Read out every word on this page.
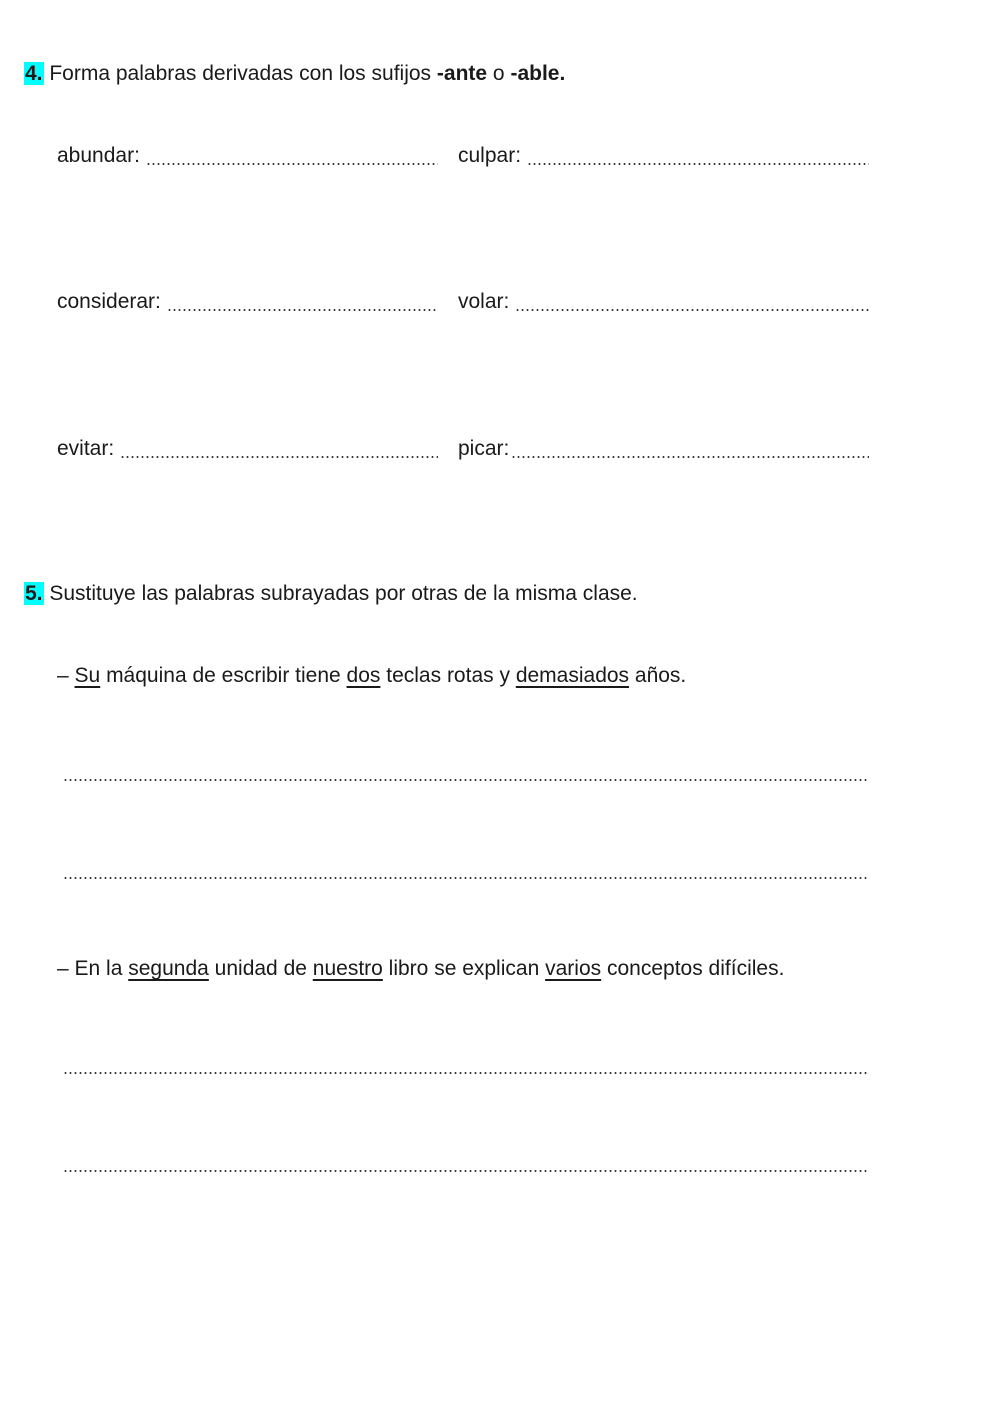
4. Forma palabras derivadas con los sufijos -ante o -able.
abundar:	culpar:
considerar:	volar:
evitar:	picar:
5. Sustituye las palabras subrayadas por otras de la misma clase.
– Su máquina de escribir tiene dos teclas rotas y demasiados años.
– En la segunda unidad de nuestro libro se explican varios conceptos difíciles.
